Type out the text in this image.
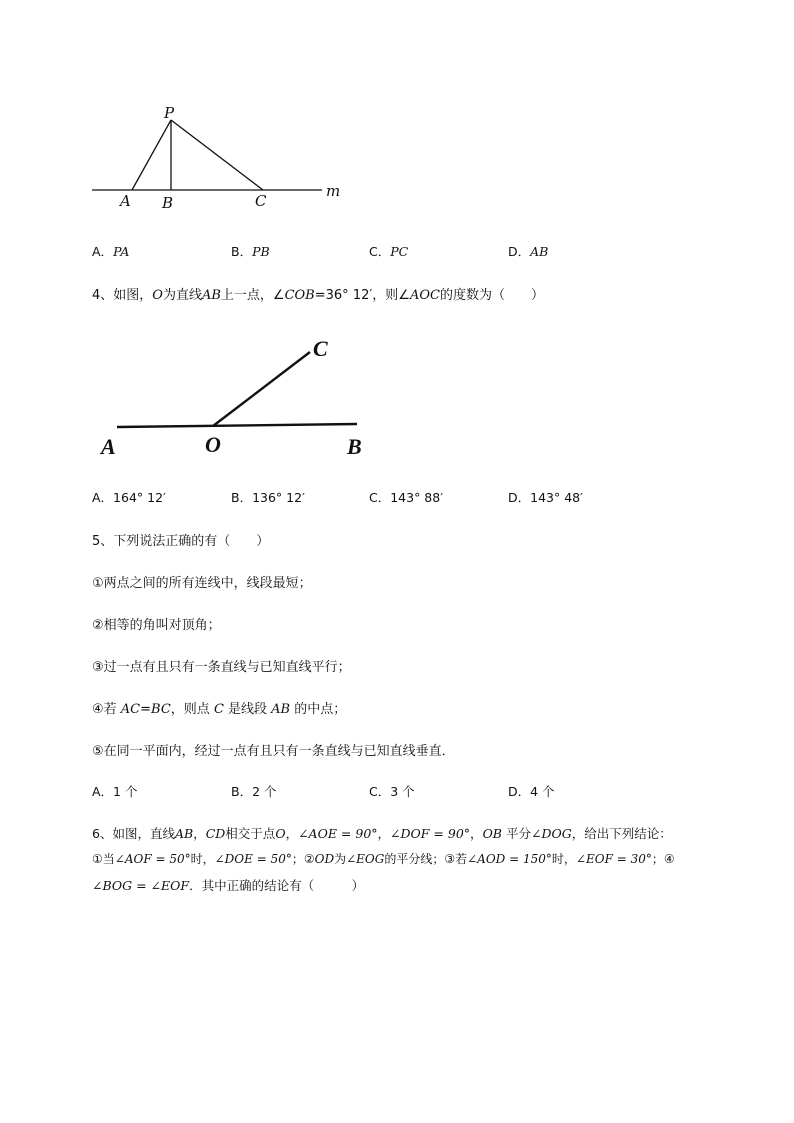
P
A B	C
m
A．PA	B．PB	C．PC	D．AB
4、如图，O为直线AB上一点，∠COB=36° 12′，则∠AOC的度数为（　　）
A	O	B
C
A．164° 12′	B．136° 12′	C．143° 88′	D．143° 48′
5、下列说法正确的有（　　）
①两点之间的所有连线中，线段最短；
②相等的角叫对顶角；
③过一点有且只有一条直线与已知直线平行；
④若 AC=BC，则点 C 是线段 AB 的中点；
⑤在同一平面内，经过一点有且只有一条直线与已知直线垂直．
A．1 个	B．2 个	C．3 个	D．4 个
6、如图，直线AB，CD相交于点O，∠AOE = 90°，∠DOF = 90°，OB 平分∠DOG，给出下列结论：
①当∠AOF = 50°时，∠DOE = 50°；②OD为∠EOG的平分线；③若∠AOD = 150°时，∠EOF = 30°；④
∠BOG = ∠EOF．其中正确的结论有（　　　）
